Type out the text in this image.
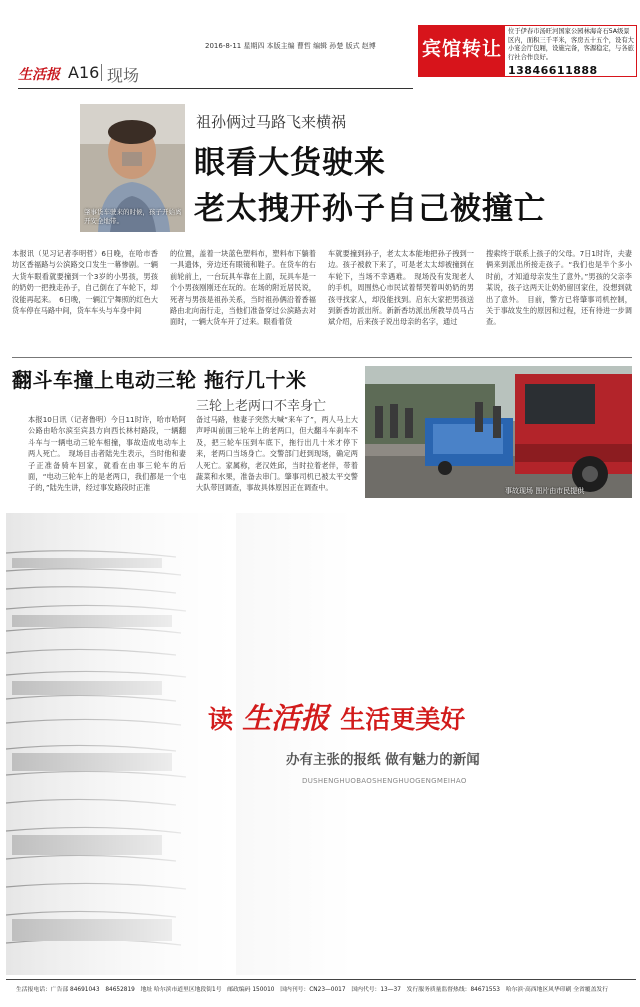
2016-8-11 星期四 本版主编 曹哲 编辑 孙楚 版式 赵博
生活报 A16 现场
宾馆转让
位于伊春市汤旺河国家公园林海奇石5A级景区内，面积三千平米，客房五十五个，设有大小宴会厅包厢，设施完备，客源稳定，与各旅行社合作良好。
13846611888
肇事货车驶来的时候，孩子开始离开安全地带。
祖孙俩过马路飞来横祸
眼看大货驶来
老太拽开孙子自己被撞亡
本报讯（见习记者李明哲）6日晚，在哈市香坊区香福路与公滨路交口发生一幕惨剧。一辆大货车眼看就要撞到一个3岁的小男孩，男孩的奶奶一把拽走孙子，自己倒在了车轮下，却没能再起来。　6日晚，一辆江宁舞照的红色大货车停在马路中间，货车车头与车身中间
的位置，盖着一块蓝色塑料布，塑料布下躺着一具遗体，旁边还有眼镜和鞋子。在货车的右前轮前上，一台玩具车靠在上面，玩具车是一个小男孩刚刚还在玩的。在场的附近居民说，死者与男孩是祖孙关系，当时祖孙俩沿着香福路由北向南行走，当他们准备穿过公滨路去对面时，一辆大货车开了过来。眼看着货
车就要撞到孙子，老太太本能地把孙子拽到一边。孩子被救下来了，可是老太太却被撞到在车轮下，当场不幸遇难。　现场没有发现老人的手机，周围热心市民试着帮哭着叫奶奶的男孩寻找家人，却没能找到。启东大家把男孩送到新香坊派出所。新新香坊派出所教导员马占斌介绍，后来孩子说出母亲的名字，通过
搜索终于联系上孩子的父母。7日1时许，夫妻俩来到派出所接走孩子。“我们也是半个多小时前，才知道母亲发生了意外。”男孩的父亲李某说，孩子这两天让奶奶留回家住，没想到就出了意外。　目前，警方已将肇事司机控制，关于事故发生的原因和过程，还有待进一步调查。
翻斗车撞上电动三轮 拖行几十米
三轮上老两口不幸身亡
本报10日讯（记者鲁明）今日11时许，哈市哈阿公路由哈尔滨至宾县方向西长林村路段，一辆翻斗车与一辆电动三轮车相撞，事故造成电动车上两人死亡。　现场目击者陆先生表示，当时他和妻子正准备骑车回家，就看在由事三轮车的后面，“电动三轮车上的是老两口，我们都是一个屯子的，”陆先生讲，经过事发路段时正准
备过马路，他妻子突然大喊“来车了”，两人马上大声呼叫前面三轮车上的老两口，但大翻斗车刹车不及，把三轮车压到车底下，拖行出几十米才停下来，老两口当场身亡。交警部门赶到现场，确定两人死亡。家属称，老汉姓邱，当时拉着老伴，带着蔬菜和水果，准备去串门。肇事司机已被太平交警大队带回调查，事故具体原因正在调查中。	事故现场 图片由市民提供
读 生活报 生活更美好
办有主张的报纸 做有魅力的新闻
DUSHENGHUOBAOSHENGHUOGENGMEIHAO
生活报电话：广告部 84691043　84652819　地址 哈尔滨市道里区地段街1号　邮政编码 150010　国内刊号：CN23—0017　国内代号：13—37　发行服务质量监督热线：84671553　哈尔滨·高西地区风华印刷 全省覆盖发行
